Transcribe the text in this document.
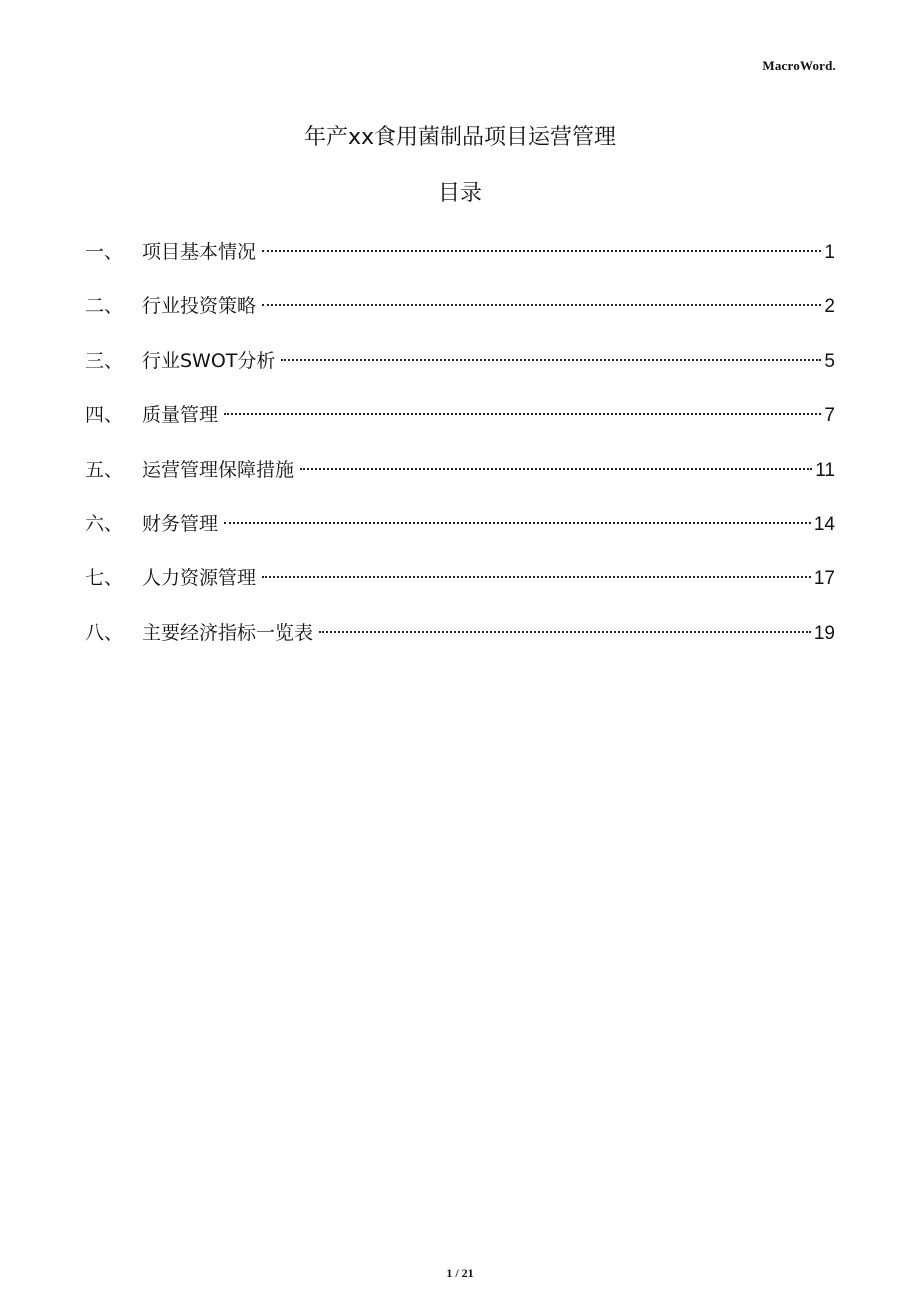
MacroWord.
年产xx食用菌制品项目运营管理
目录
一、 项目基本情况	1
二、 行业投资策略	2
三、 行业SWOT分析	5
四、 质量管理	7
五、 运营管理保障措施	11
六、 财务管理	14
七、 人力资源管理	17
八、 主要经济指标一览表	19
1 / 21
